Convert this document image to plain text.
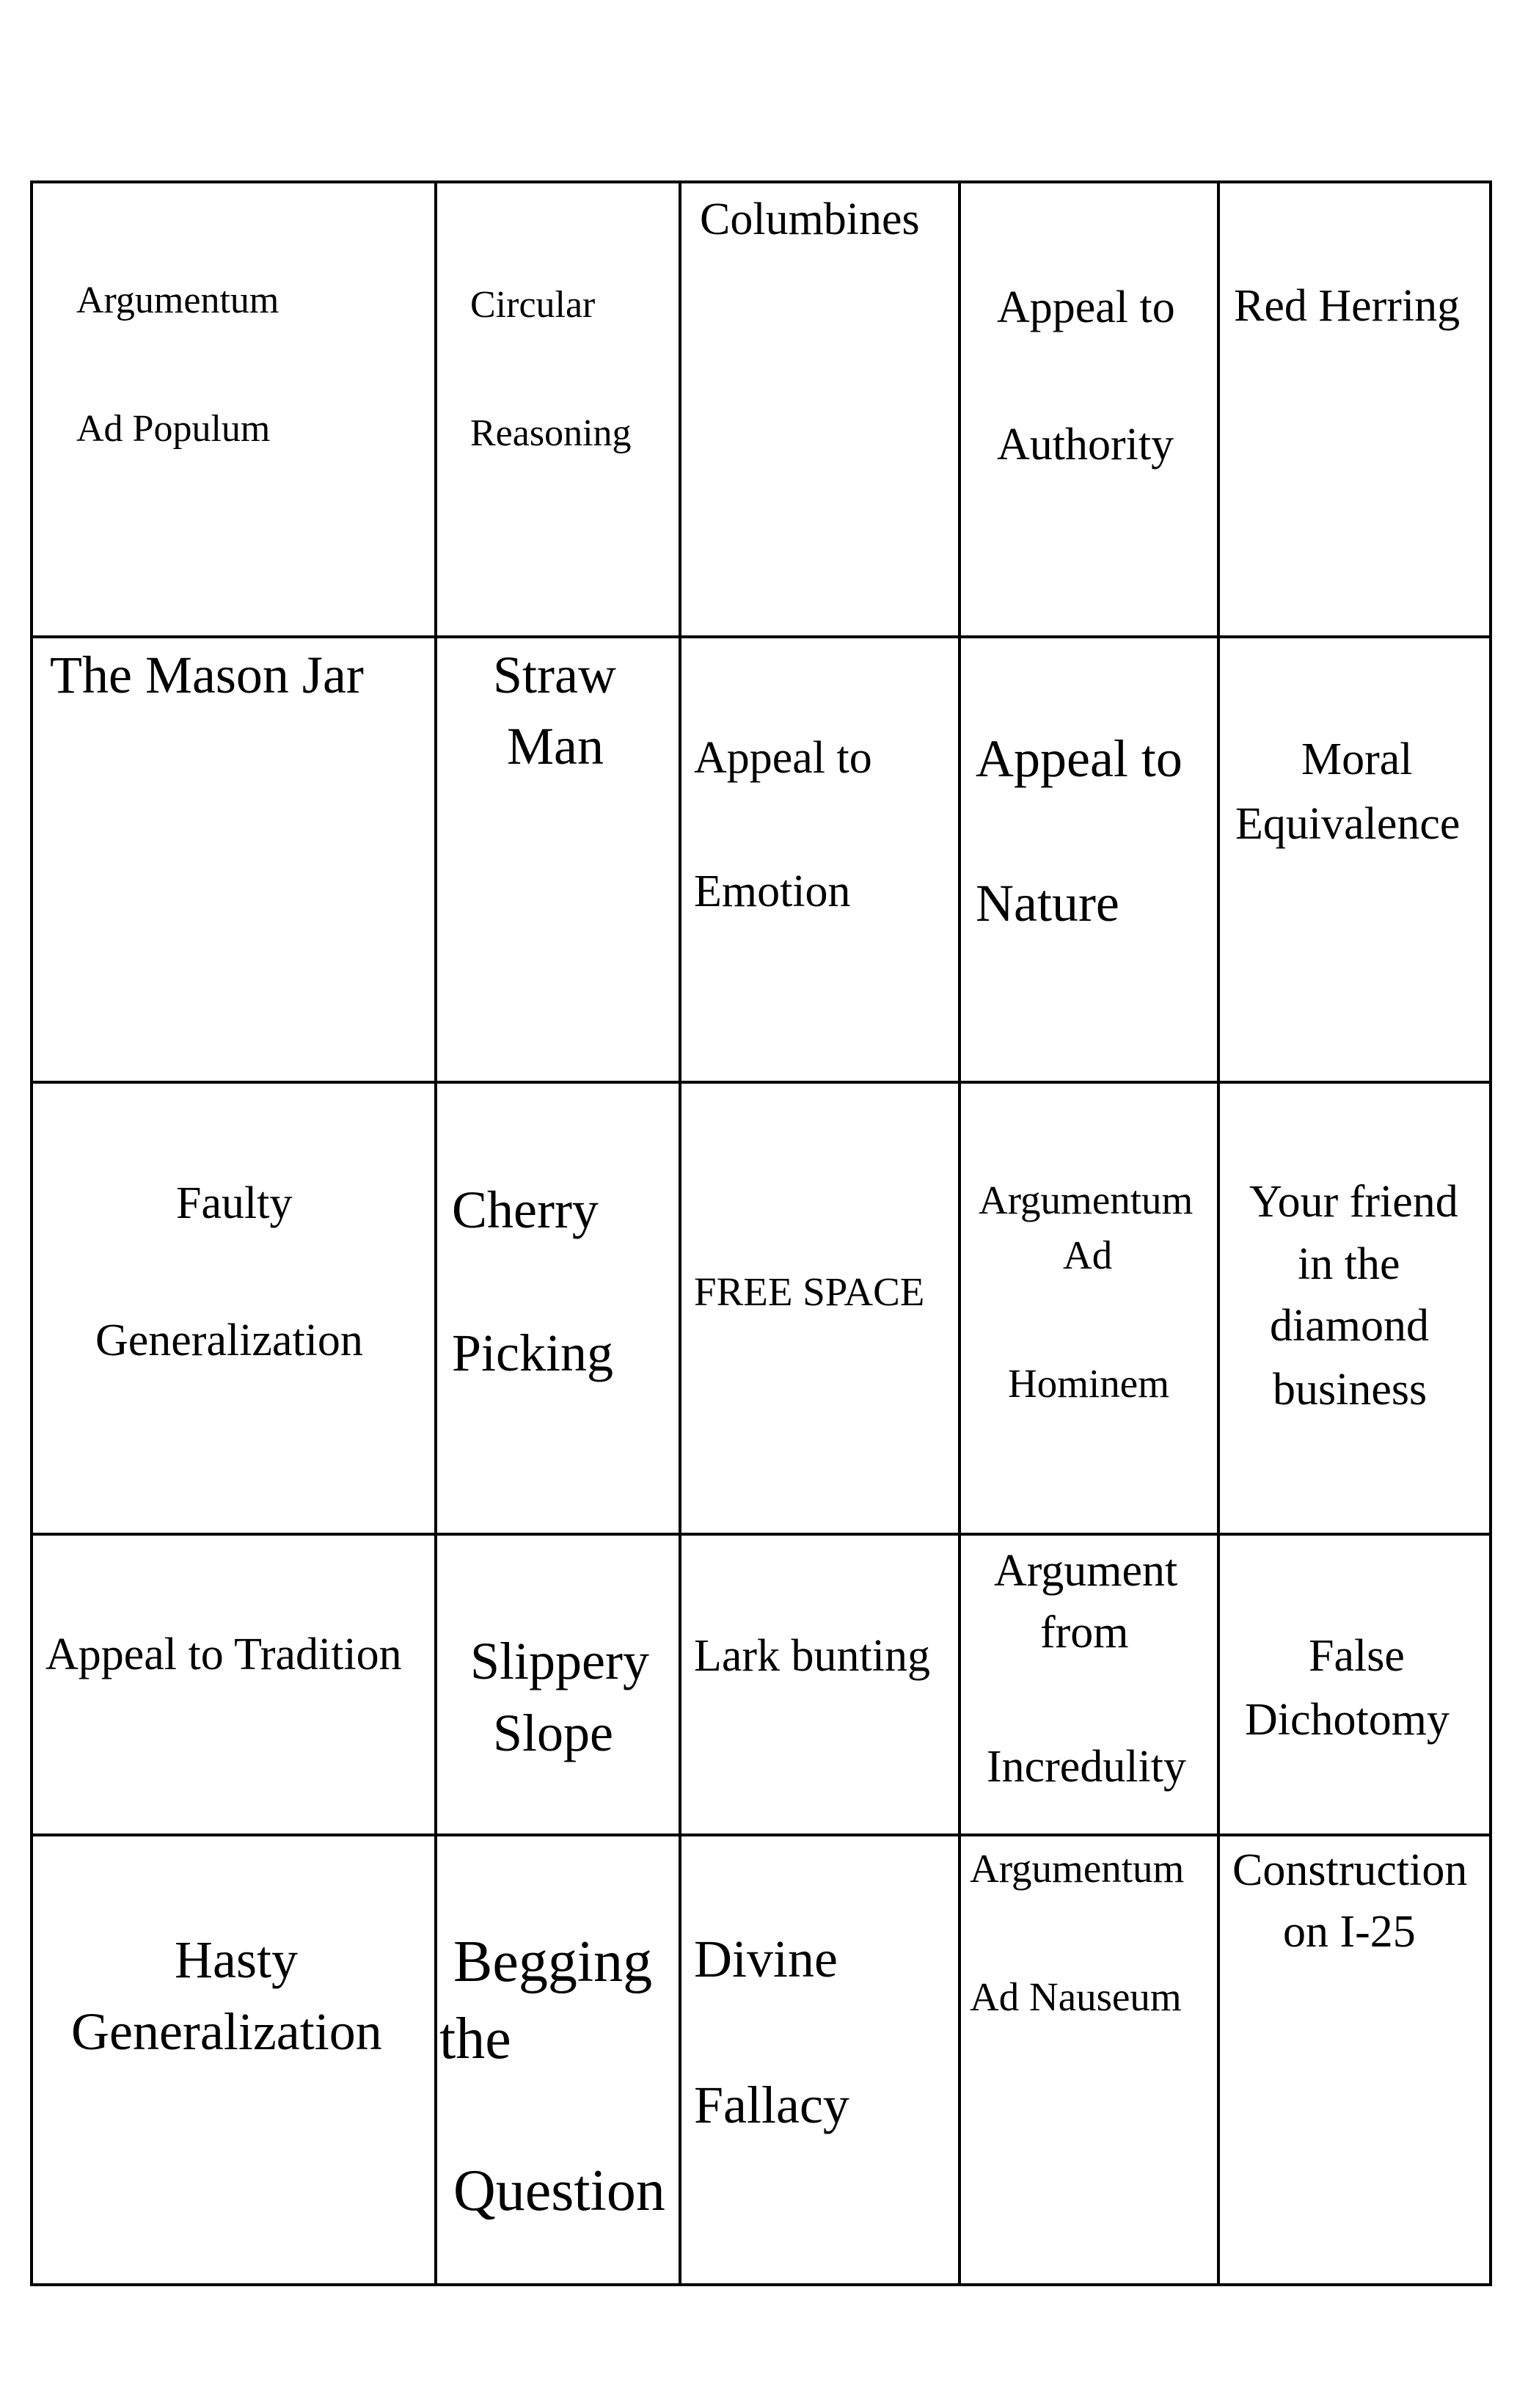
Argumentum
Ad Populum
Circular
Reasoning
Columbines
Appeal to
Authority
Red Herring
The Mason Jar Straw
Man Appeal to
Emotion
Appeal to
Nature
Moral
Equivalence
Faulty
Generalization
Cherry
Picking
FREE SPACE
Argumentum
Ad
Hominem
Your friend
in the
diamond
business
Appeal to Tradition Slippery
Slope
Lark bunting
Argument
from
Incredulity
False
Dichotomy
Hasty
Generalization
Begging
the
Question
Divine
Fallacy
Argumentum
Ad Nauseum
Construction
on I-25
